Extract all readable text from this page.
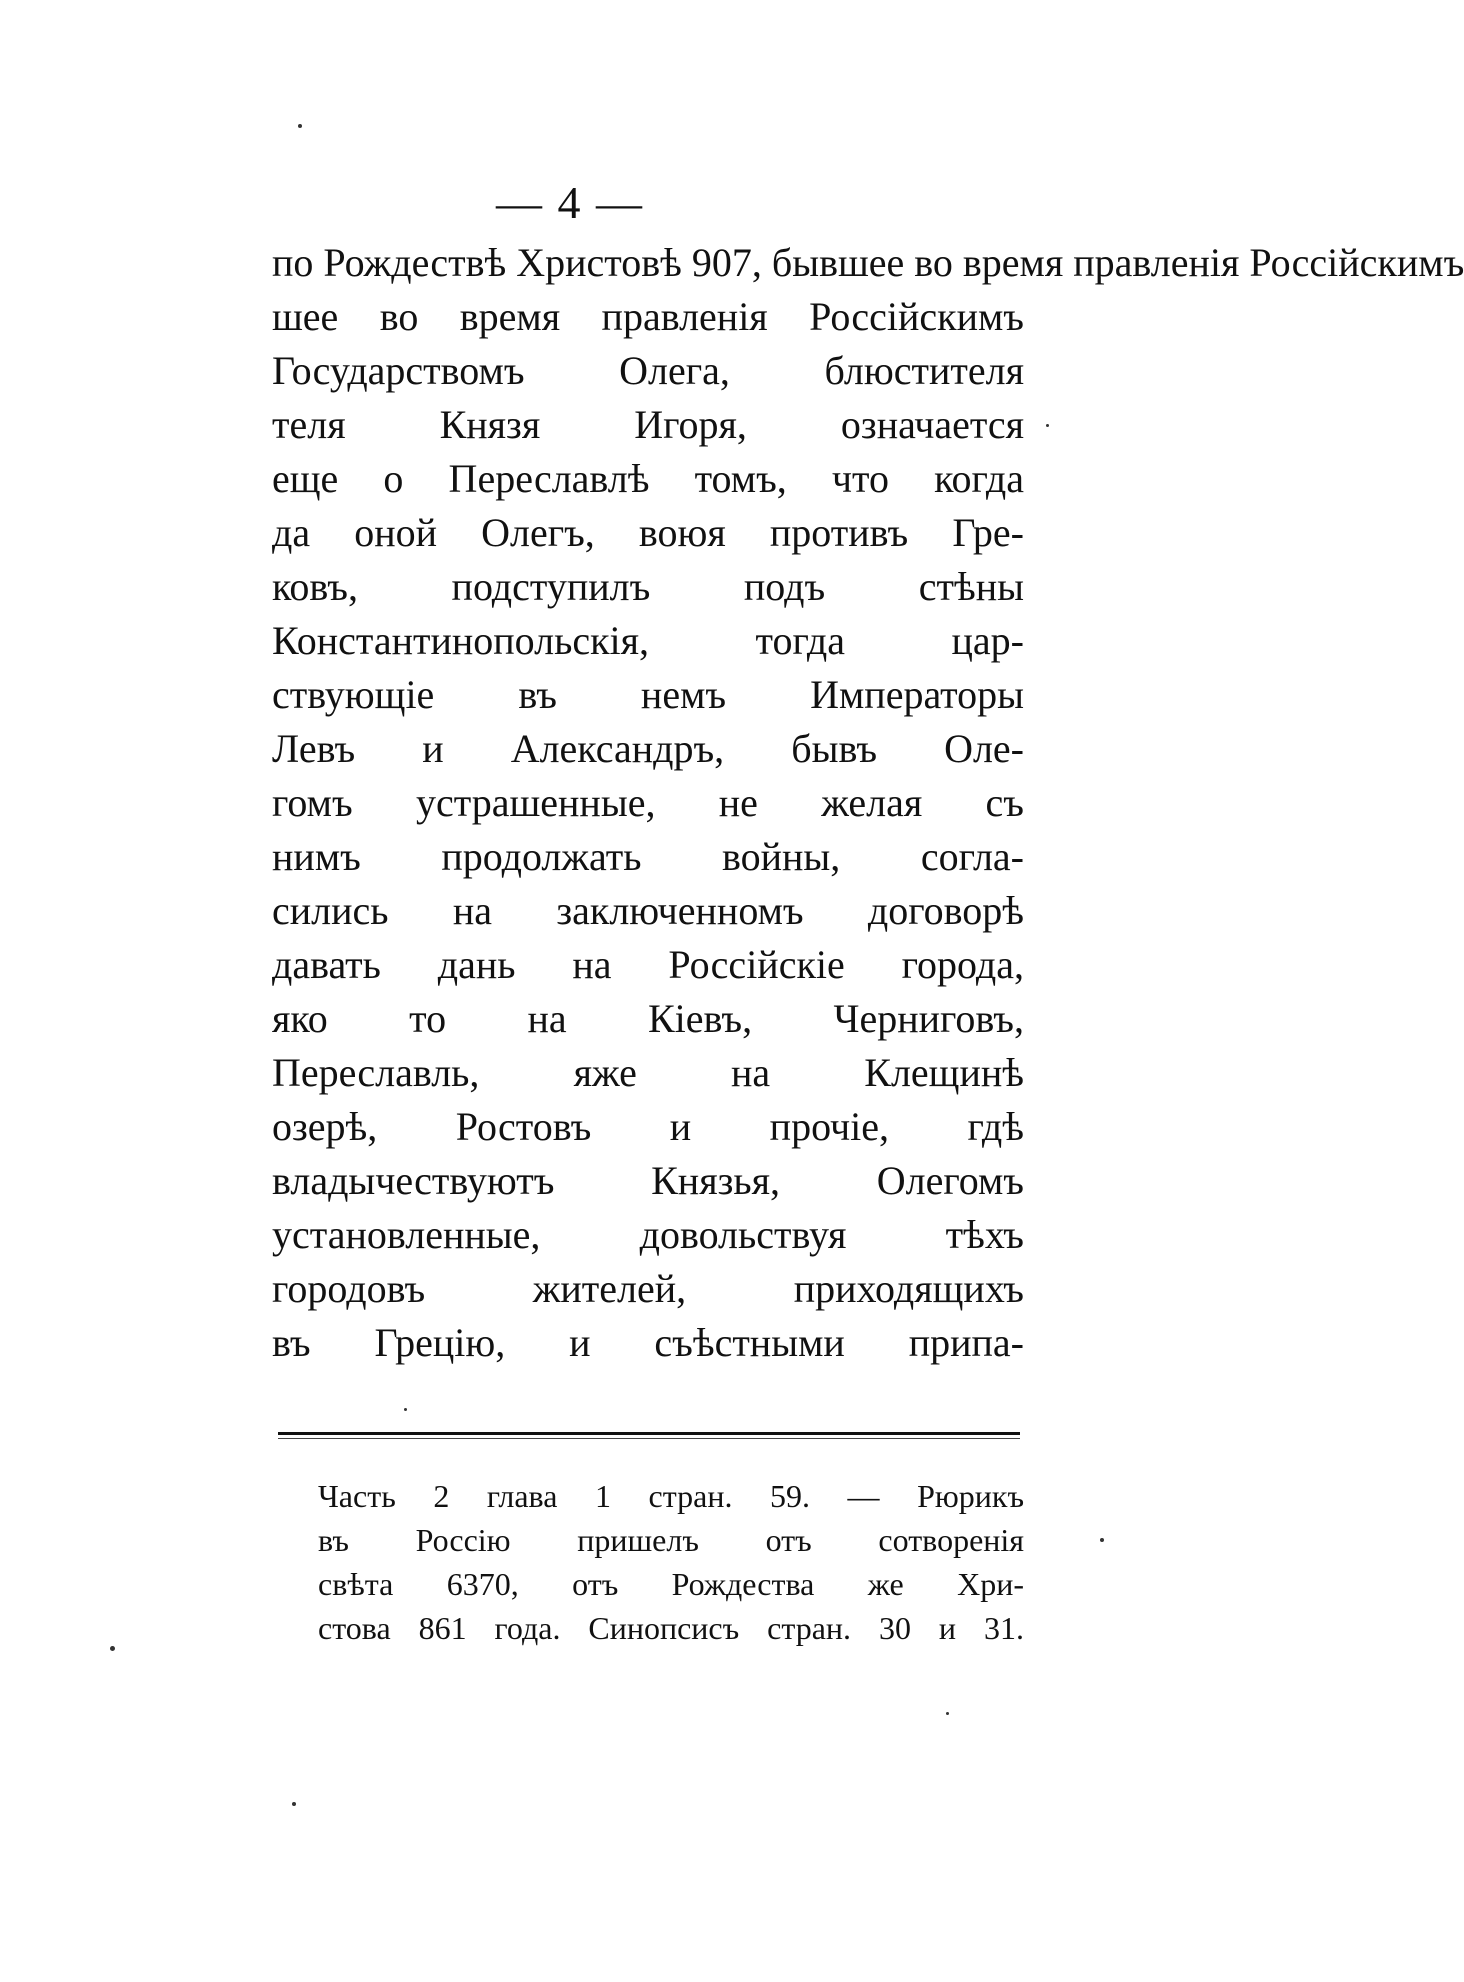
— 4 —
по Рождествѣ Христовѣ 907, бывшее во время правленія Россійскимъ
шее во время правленія Россійскимъ
Государствомъ Олега, блюстителя
теля Князя Игоря, означается
еще о Переславлѣ томъ, что когда
да оной Олегъ, воюя противъ Гре-
ковъ, подступилъ подъ стѣны
Константинопольскія, тогда цар-
ствующіе въ немъ Императоры
Левъ и Александръ, бывъ Оле-
гомъ устрашенные, не желая съ
нимъ продолжать войны, согла-
сились на заключенномъ договорѣ
давать дань на Россійскіе города,
яко то на Кіевъ, Черниговъ,
Переславль, яже на Клещинѣ
озерѣ, Ростовъ и прочіе, гдѣ
владычествуютъ Князья, Олегомъ
установленные, довольствуя тѣхъ
городовъ жителей, приходящихъ
въ Грецію, и съѣстными припа-
Часть 2 глава 1 стран. 59. — Рюрикъ
въ Россію пришелъ отъ сотворенія
свѣта 6370, отъ Рождества же Хри-
стова 861 года. Синопсисъ стран. 30 и 31.
